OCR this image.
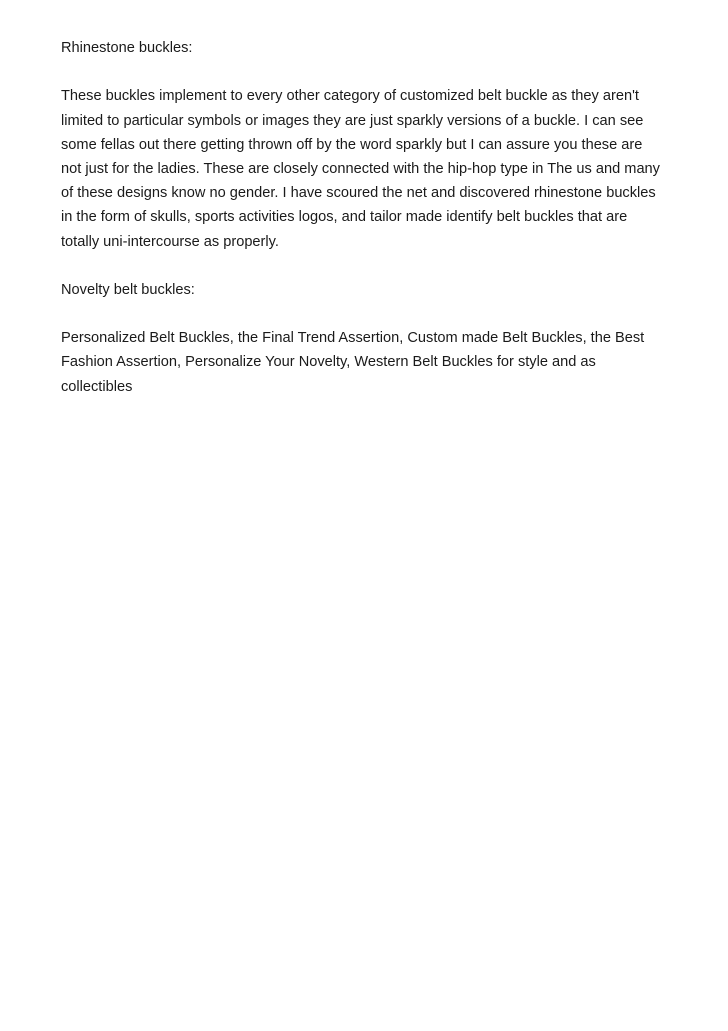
Rhinestone buckles:
These buckles implement to every other category of customized belt buckle as they aren't
limited to particular symbols or images they are just sparkly versions of a buckle. I can see
some fellas out there getting thrown off by the word sparkly but I can assure you these are
not just for the ladies. These are closely connected with the hip-hop type in The us and many
of these designs know no gender. I have scoured the net and discovered rhinestone buckles
in the form of skulls, sports activities logos, and tailor made identify belt buckles that are
totally uni-intercourse as properly.
Novelty belt buckles:
Personalized Belt Buckles, the Final Trend Assertion, Custom made Belt Buckles, the Best
Fashion Assertion, Personalize Your Novelty, Western Belt Buckles for style and as
collectibles
